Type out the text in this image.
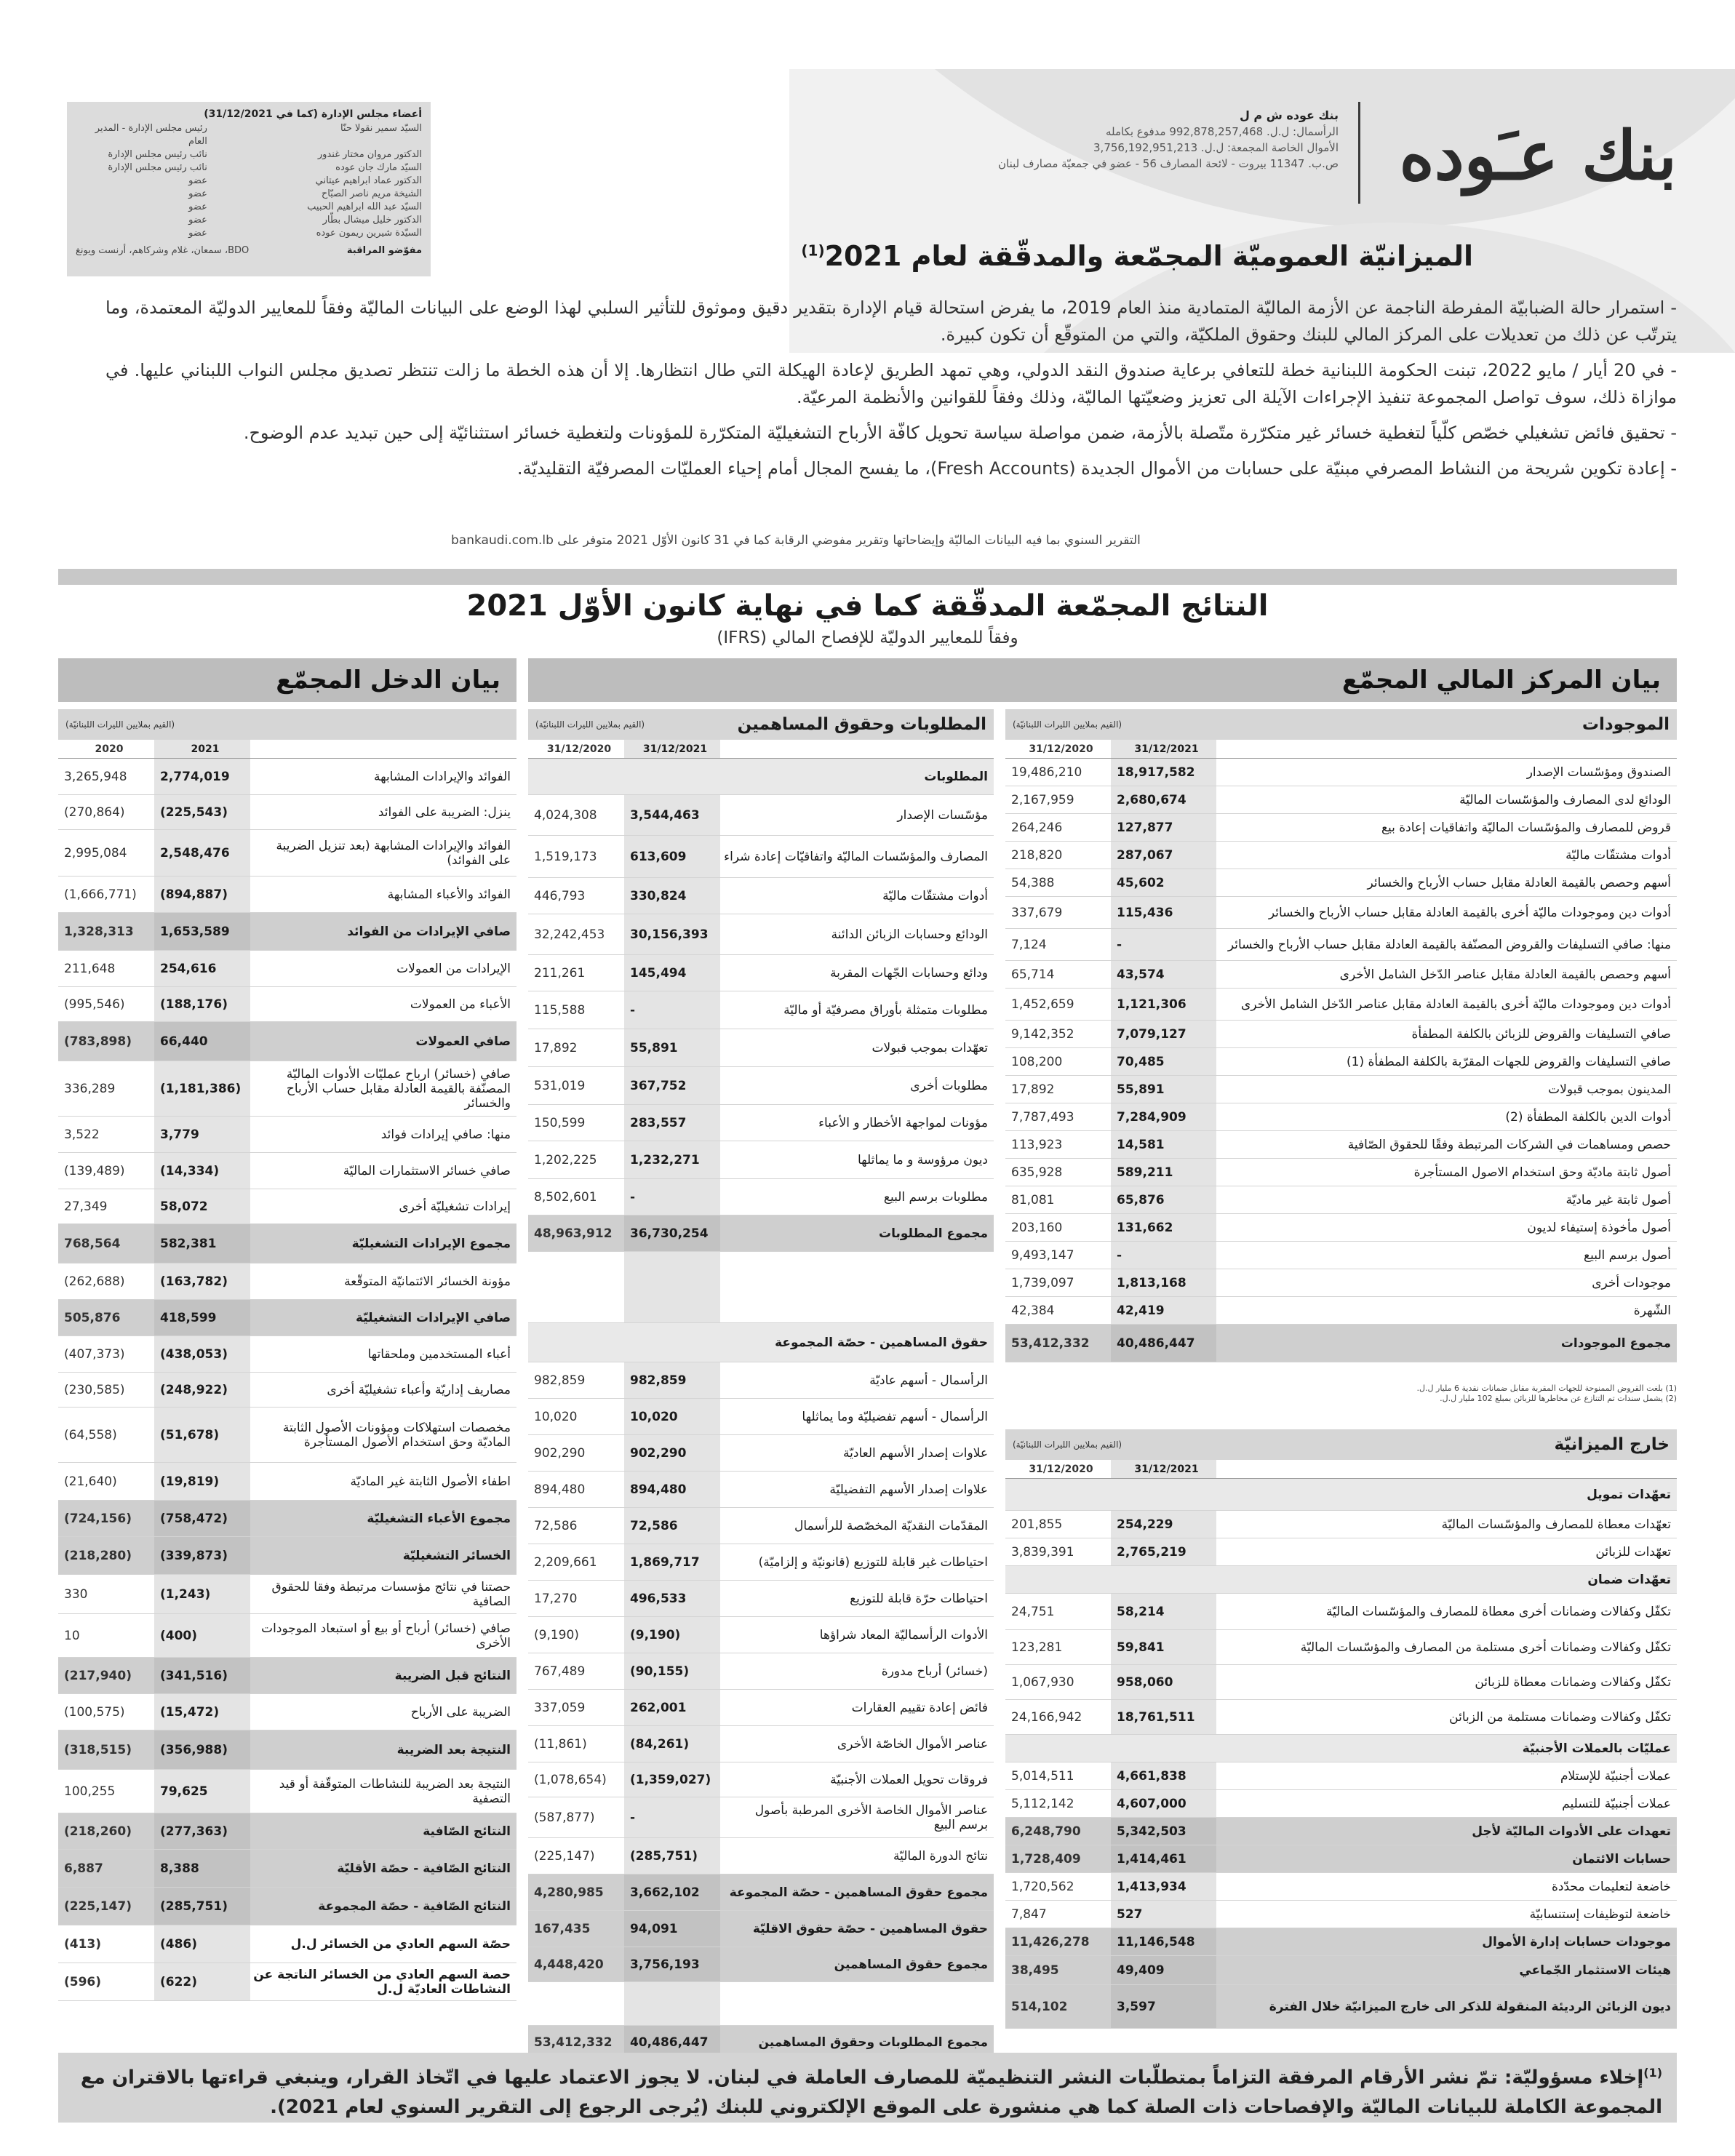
بنك عـَوده
بنك عوده ش م ل
الرأسمال: ل.ل. 992,878,257,468 مدفوع بكامله
الأموال الخاصة المجمعة: ل.ل. 3,756,192,951,213
ص.ب. 11347 بيروت - لائحة المصارف 56 - عضو في جمعيّة مصارف لبنان
أعضاء مجلس الإدارة (كما في 31/12/2021)
السيّد سمير نقولا حنّا
رئيس مجلس الإدارة - المدير العام
الدكتور مروان مختار غندور
نائب رئيس مجلس الإدارة
السيّد مارك جان عوده
نائب رئيس مجلس الإدارة
الدكتور عماد ابراهيم عيتاني
عضو
الشيخة مريم ناصر الصبّاح
عضو
السيّد عبد الله ابراهيم الحبيب
عضو
الدكتور خليل ميشال بطّار
عضو
السيّدة شيرين ريمون عوده
عضو
مفوّضو المراقبة
BDO، سمعان، غلام وشركاهم، أرنست ويونغ	الميزانيّة العموميّة المجمّعة والمدقّقة لعام 2021$^{(1)}$

- استمرار حالة الضبابيّة المفرطة الناجمة عن الأزمة الماليّة المتمادية منذ العام 2019، ما يفرض استحالة قيام الإدارة بتقدير دقيق وموثوق للتأثير السلبي لهذا الوضع على البيانات الماليّة وفقاً للمعايير الدوليّة المعتمدة، وما يترتّب عن ذلك من تعديلات على المركز المالي للبنك وحقوق الملكيّة، والتي من المتوقّع أن تكون كبيرة.

- في 20 أيار / مايو 2022، تبنت الحكومة اللبنانية خطة للتعافي برعاية صندوق النقد الدولي، وهي تمهد الطريق لإعادة الهيكلة التي طال انتظارها. إلا أن هذه الخطة ما زالت تنتظر تصديق مجلس النواب اللبناني عليها. في موازاة ذلك، سوف تواصل المجموعة تنفيذ الإجراءات الآيلة الى تعزيز وضعيّتها الماليّة، وذلك وفقاً للقوانين والأنظمة المرعيّة.

- تحقيق فائض تشغيلي خصّص كلّياً لتغطية خسائر غير متكرّرة متّصلة بالأزمة، ضمن مواصلة سياسة تحويل كافّة الأرباح التشغيليّة المتكرّرة للمؤونات ولتغطية خسائر استثنائيّة إلى حين تبديد عدم الوضوح.

- إعادة تكوين شريحة من النشاط المصرفي مبنيّة على حسابات من الأموال الجديدة (Fresh Accounts)، ما يفسح المجال أمام إحياء العمليّات المصرفيّة التقليديّة.

التقرير السنوي بما فيه البيانات الماليّة وإيضاحاتها وتقرير مفوضي الرقابة كما في 31 كانون الأوّل 2021 متوفر على bankaudi.com.lb
النتائج المجمّعة المدقّقة كما في نهاية كانون الأوّل 2021
وفقاً للمعايير الدوليّة للإفصاح المالي (IFRS)
بيان المركز المالي المجمّع
بيان الدخل المجمّع
الموجودات
(القيم بملايين الليرات اللبنانيّة)
31/12/2021
31/12/2020
الصندوق ومؤسّسات الإصدار
18,917,582
19,486,210
الودائع لدى المصارف والمؤسّسات الماليّة
2,680,674
2,167,959
قروض للمصارف والمؤسّسات الماليّة واتفاقيات إعادة بيع
127,877
264,246
أدوات مشتقّات ماليّة
287,067
218,820
أسهم وحصص بالقيمة العادلة مقابل حساب الأرباح والخسائر
45,602
54,388
أدوات دين وموجودات ماليّة أخرى بالقيمة العادلة مقابل حساب الأرباح والخسائر
115,436
337,679
منها: صافي التسليفات والقروض المصنّفة بالقيمة العادلة مقابل حساب الأرباح والخسائر
-
7,124
أسهم وحصص بالقيمة العادلة مقابل عناصر الدّخل الشامل الأخرى
43,574
65,714
أدوات دين وموجودات ماليّة أخرى بالقيمة العادلة مقابل عناصر الدّخل الشامل الأخرى
1,121,306
1,452,659
صافي التسليفات والقروض للزبائن بالكلفة المطفأة
7,079,127
9,142,352
صافي التسليفات والقروض للجهات المقرّبة بالكلفة المطفأة (1)
70,485
108,200
المدينون بموجب قبولات
55,891
17,892
أدوات الدين بالكلفة المطفأة (2)
7,284,909
7,787,493
حصص ومساهمات في الشركات المرتبطة وفقًا للحقوق الصّافية
14,581
113,923
أصول ثابتة ماديّة وحق استخدام الاصول المستأجرة
589,211
635,928
أصول ثابتة غير ماديّة
65,876
81,081
أصول مأخوذة إستيفاء لديون
131,662
203,160
أصول برسم البيع
-
9,493,147
موجودات أخرى
1,813,168
1,739,097
الشّهرة
42,419
42,384
مجموع الموجودات
40,486,447
53,412,332
(1) بلغت القروض الممنوحة للجهات المقربة مقابل ضمانات نقدية 6 مليار ل.ل.
(2) يشمل سندات تم التنازع عن مخاطرها للزبائن بمبلغ 102 مليار ل.ل.
المطلوبات وحقوق المساهمين
(القيم بملايين الليرات اللبنانيّة)
31/12/2021
31/12/2020
المطلوبات
مؤسّسات الإصدار
3,544,463
4,024,308
المصارف والمؤسّسات الماليّة واتفاقيّات إعادة شراء
613,609
1,519,173
أدوات مشتقّات ماليّة
330,824
446,793
الودائع وحسابات الزبائن الدائنة
30,156,393
32,242,453
ودائع وحسابات الجّهات المقربة
145,494
211,261
مطلوبات متمثلة بأوراق مصرفيّة أو ماليّة
-
115,588
تعهّدات بموجب قبولات
55,891
17,892
مطلوبات أخرى
367,752
531,019
مؤونات لمواجهة الأخطار و الأعباء
283,557
150,599
ديون مرؤوسة و ما يماثلها
1,232,271
1,202,225
مطلوبات برسم البيع
-
8,502,601
مجموع المطلوبات
36,730,254
48,963,912
حقوق المساهمين - حصّة المجموعة
الرأسمال - أسهم عاديّة
982,859
982,859
الرأسمال - أسهم تفضيليّة وما يماثلها
10,020
10,020
علاوات إصدار الأسهم العاديّة
902,290
902,290
علاوات إصدار الأسهم التفضيليّة
894,480
894,480
المقدّمات النقديّة المخصّصة للرأسمال
72,586
72,586
احتياطات غير قابلة للتوزيع (قانونيّة و إلزاميّة)
1,869,717
2,209,661
احتياطات حرّة قابلة للتوزيع
496,533
17,270
الأدوات الرأسماليّة المعاد شراؤها
(9,190)
(9,190)
(خسائر) أرباح مدورة
(90,155)
767,489
فائض إعادة تقييم العقارات
262,001
337,059
عناصر الأموال الخاصّة الأخرى
(84,261)
(11,861)
فروقات تحويل العملات الأجنبيّة
(1,359,027)
(1,078,654)
عناصر الأموال الخاصة الأخرى المرطبة بأصول برسم البيع
-
(587,877)
نتائج الدورة الماليّة
(285,751)
(225,147)
مجموع حقوق المساهمين - حصّة المجموعة
3,662,102
4,280,985
حقوق المساهمين - حصّة حقوق الاقليّة
94,091
167,435
مجموع حقوق المساهمين
3,756,193
4,448,420
مجموع المطلوبات وحقوق المساهمين
40,486,447
53,412,332
(القيم بملايين الليرات اللبنانيّة)
2021
2020
الفوائد والإيرادات المشابهة
2,774,019
3,265,948
ينزل: الضريبة على الفوائد
(225,543)
(270,864)
الفوائد والإيرادات المشابهة (بعد تنزيل الضريبة على الفوائد)
2,548,476
2,995,084
الفوائد والأعباء المشابهة
(894,887)
(1,666,771)
صافي الإيرادات من الفوائد
1,653,589
1,328,313
الإيرادات من العمولات
254,616
211,648
الأعباء من العمولات
(188,176)
(995,546)
صافي العمولات
66,440
(783,898)
صافي (خسائر) ارباح عمليّات الأدوات الماليّة المصنّفة بالقيمة العادلة مقابل حساب الأرباح والخسائر
(1,181,386)
336,289
منها: صافي إيرادات فوائد
3,779
3,522
صافي خسائر الاستثمارات الماليّة
(14,334)
(139,489)
إيرادات تشغيليّة أخرى
58,072
27,349
مجموع الإيرادات التشغيليّة
582,381
768,564
مؤونة الخسائر الائتمانيّة المتوقّعة
(163,782)
(262,688)
صافي الإيرادات التشغيليّة
418,599
505,876
أعباء المستخدمين وملحقاتها
(438,053)
(407,373)
مصاريف إداريّة وأعباء تشغيليّة أخرى
(248,922)
(230,585)
مخصصات استهلاكات ومؤونات الأصول الثابتة الماديّة وحق استخدام الأصول المستأجرة
(51,678)
(64,558)
اطفاء الأصول الثابتة غير الماديّة
(19,819)
(21,640)
مجموع الأعباء التشغيليّة
(758,472)
(724,156)
الخسائر التشغيليّة
(339,873)
(218,280)
حصتنا في نتائج مؤسسات مرتبطة وفقا للحقوق الصافية
(1,243)
330
صافي (خسائر) أرباح أو بيع أو استبعاد الموجودات الأخرى
(400)
10
النتائج قبل الضريبة
(341,516)
(217,940)
الضريبة على الأرباح
(15,472)
(100,575)
النتيجة بعد الضريبة
(356,988)
(318,515)
النتيجة بعد الضريبة للنشاطات المتوقّفة أو قيد التصفية
79,625
100,255
النتائج الصّافية
(277,363)
(218,260)
النتائج الصّافية - حصّة الأقليّة
8,388
6,887
النتائج الصّافية - حصّة المجموعة
(285,751)
(225,147)
حصّة السهم العادي من الخسائر ل.ل
(486)
(413)
حصة السهم العادي من الخسائر الناتجة عن النشاطات العاديّة ل.ل
(622)
(596)
خارج الميزانيّة
(القيم بملايين الليرات اللبنانيّة)
31/12/2021
31/12/2020
تعهّدات تمويل
تعهّدات معطاة للمصارف والمؤسّسات الماليّة
254,229
201,855
تعهّدات للزبائن
2,765,219
3,839,391
تعهّدات ضمان
تكفّل وكفالات وضمانات أخرى معطاة للمصارف والمؤسّسات الماليّة
58,214
24,751
تكفّل وكفالات وضمانات أخرى مستلمة من المصارف والمؤسّسات الماليّة
59,841
123,281
تكفّل وكفالات وضمانات معطاة للزبائن
958,060
1,067,930
تكفّل وكفالات وضمانات مستلمة من الزبائن
18,761,511
24,166,942
عمليّات بالعملات الأجنبيّة
عملات أجنبيّة للإستلام
4,661,838
5,014,511
عملات أجنبيّة للتسليم
4,607,000
5,112,142
تعهدات على الأدوات الماليّة لأجل
5,342,503
6,248,790
حسابات الائتمان
1,414,461
1,728,409
خاضعة لتعليمات محدّدة
1,413,934
1,720,562
خاضعة لتوظيفات إستنسابيّة
527
7,847
موجودات حسابات إدارة الأموال
11,146,548
11,426,278
هيئات الاستثمار الجّماعي
49,409
38,495
ديون الزبائن الرديئة المنقولة للذكر الى خارج الميزانيّة خلال الفترة
3,597
514,102
$^{(1)}$إخلاء مسؤوليّة: تمّ نشر الأرقام المرفقة التزاماً بمتطلّبات النشر التنظيميّة للمصارف العاملة في لبنان. لا يجوز الاعتماد عليها في اتّخاذ القرار، وينبغي قراءتها بالاقتران مع المجموعة الكاملة للبيانات الماليّة والإفصاحات ذات الصلة كما هي منشورة على الموقع الإلكتروني للبنك (يُرجى الرجوع إلى التقرير السنوي لعام 2021).
